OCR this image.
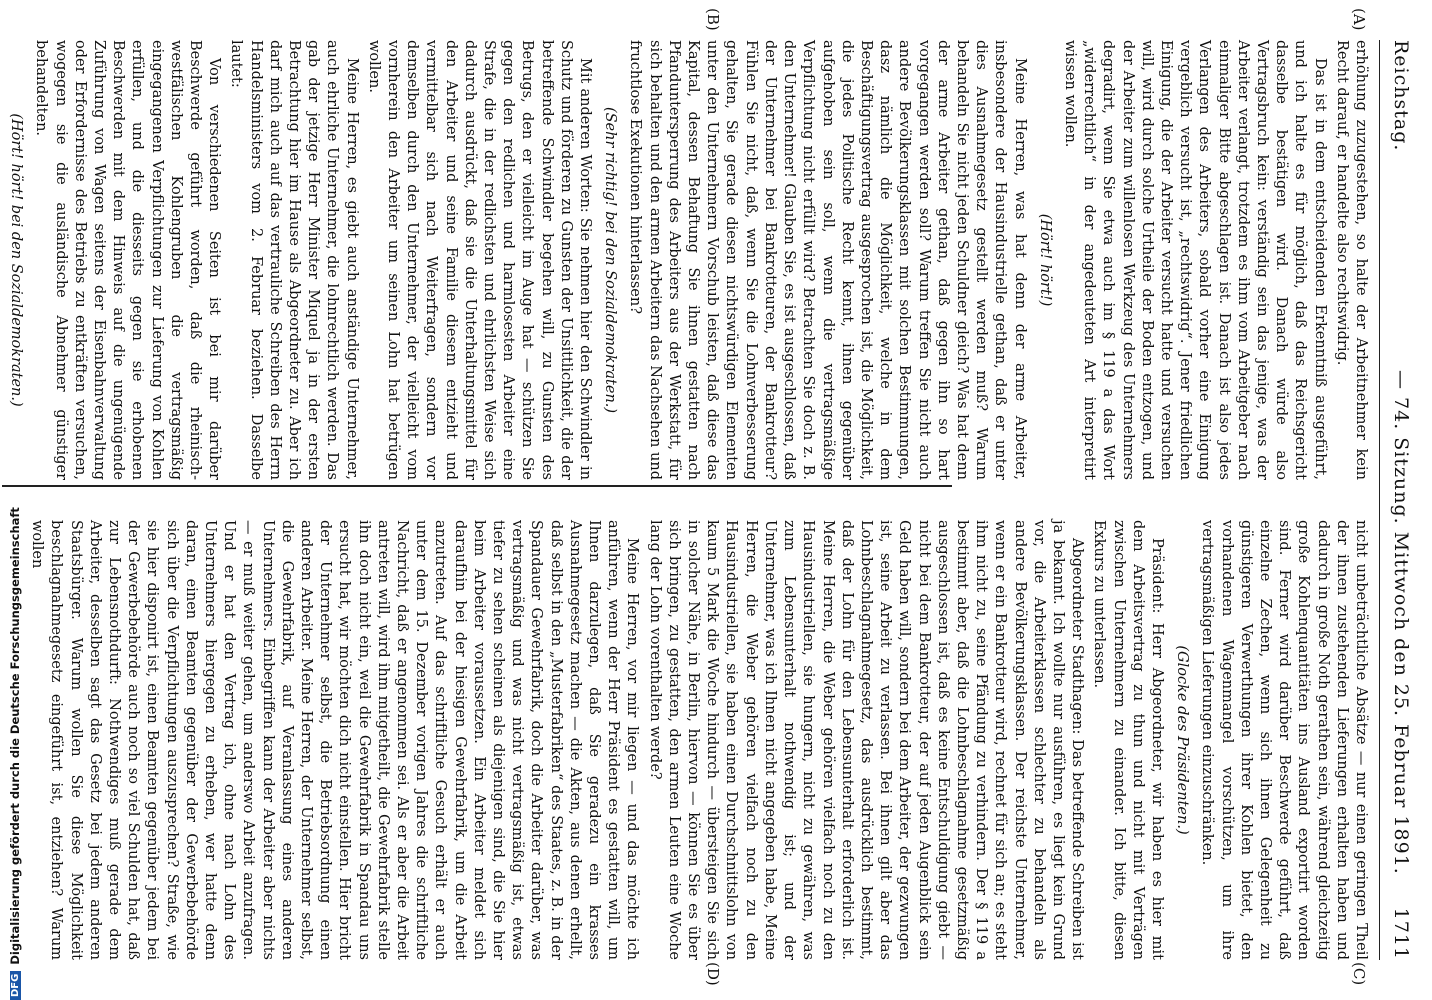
Reichstag.
— 74. Sitzung. Mittwoch den 25. Februar 1891.
1711
(A)
(B)
(C)
(D)

erhöhung zuzugestehen, so halte der Arbeitnehmer kein Recht darauf, er handelte also rechtswidrig.

Das ist in dem entscheidenden Erkenntniß ausgeführt, und ich halte es für möglich, daß das Reichsgericht dasselbe bestätigen wird. Danach würde also Vertragsbruch kein: verständig sein das jenige, was der Arbeiter verlangt, trotzdem es ihm vom Arbeitgeber nach einmaliger Bitte abgeschlagen ist. Danach ist also jedes Verlangen des Arbeiters, sobald vorher eine Einigung vergeblich versucht ist, „rechtswidrig“. Jener friedlichen Einigung, die der Arbeiter versucht hatte und versuchen will, wird durch solche Urtheile der Boden entzogen, und der Arbeiter zum willenlosen Werkzeug des Unternehmers degradirt, wenn Sie etwa auch im § 119 a das Wort „widerrechtlich“ in der angedeuteten Art interpretirt wissen wollen.

(Hört! hört!)

Meine Herren, was hat denn der arme Arbeiter, insbesondere der Hausindustrielle gethan, daß er unter dies Ausnahmegesetz gestellt werden muß? Warum behandeln Sie nicht jeden Schuldner gleich? Was hat denn der arme Arbeiter gethan, daß gegen ihn so hart vorgegangen werden soll? Warum treffen Sie nicht auch andere Bevölkerungsklassen mit solchen Bestimmungen, dasz nämlich die Möglichkeit, welche in dem Beschäftigungsvertrag ausgesprochen ist, die Möglichkeit, die jedes Politische Recht kennt, ihnen gegenüber aufgehoben sein soll, wenn die vertragsmäßige Verpflichtung nicht erfüllt wird? Betrachten Sie doch z. B. den Unternehmer! Glauben Sie, es ist ausgeschlossen, daß der Unternehmer bei Bankrotteuren, der Bankrotteur? Fühlen Sie nicht, daß, wenn Sie die Lohnverbesserung gehalten, Sie gerade diesen nichtswürdigen Elementen unter den Unternehmern Vorschub leisten, daß diese das Kapital, dessen Behaftung Sie ihnen gestatten nach Pfanduntersperrung des Arbeiters aus der Werkstatt, für sich behalten und den armen Arbeitern das Nachsehen und fruchtlose Exekutionen hinterlassen?

(Sehr richtig! bei den Sozialdemokraten.)

Mit anderen Worten: Sie nehmen hier den Schwindler in Schutz und förderen zu Gunsten der Unsittlichkeit, die der betreffende Schwindler begehen will, zu Gunsten des Betrugs, den er vielleicht im Auge hat — schützen Sie gegen den redlichen und harmlosesten Arbeiter eine Strafe, die in der redlichsten und ehrlichsten Weise sich dadurch ausdrückt, daß sie die Unterhaltungsmittel für den Arbeiter und seine Familie diesem entzieht und vermittelbar sich nach Weiterfragen, sondern vor demselben durch den Unternehmer, der vielleicht vom vornherein den Arbeiter um seinen Lohn hat betrügen wollen.

Meine Herren, es giebt auch anständige Unternehmer, auch ehrliche Unternehmer, die lohnrechtlich werden. Das gab der jetzige Herr Minister Miquel ja in der ersten Betrachtung hier im Hause als Abgeordneter zu. Aber ich darf mich auch auf das vertrauliche Schreiben des Herrn Handelsministers vom 2. Februar beziehen. Dasselbe lautet:

Von verschiedenen Seiten ist bei mir darüber Beschwerde geführt worden, daß die rheinisch-westfälischen Kohlengruben die vertragsmäßig eingegangenen Verpflichtungen zur Lieferung von Kohlen erfüllen, und die diesseits gegen sie erhobenen Beschwerden mit dem Hinweis auf die ungenügende Zuführung von Wagen seitens der Eisenbahnverwaltung oder Erfordernisse des Betriebs zu entkräften versuchen, wogegen sie die ausländische Abnehmer günstiger behandelten.

(Hört! hört! bei den Sozialdemokraten.)

nicht unbeträchtliche Absätze — nur einen geringen Theil der ihnen zustehenden Lieferungen erhalten haben und dadurch in große Noth gerathen sein, während gleichzeitig große Kohlenquantitäten ins Ausland exportirt worden sind. Ferner wird darüber Beschwerde geführt, daß einzelne Zechen, wenn sich ihnen Gelegenheit zu günstigeren Verwerthungen ihrer Kohlen bietet, den vorhandenen Wagenmangel vorschützen, um ihre vertragsmäßigen Lieferungen einzuschränken.

(Glocke des Präsidenten.)

Präsident: Herr Abgeordneter, wir haben es hier mit dem Arbeitsvertrag zu thun und nicht mit Verträgen zwischen Unternehmern zu einander. Ich bitte, diesen Exkurs zu unterlassen.

Abgeordneter Stadthagen: Das betreffende Schreiben ist ja bekannt. Ich wollte nur ausführen, es liegt kein Grund vor, die Arbeiterklassen schlechter zu behandeln als andere Bevölkerungsklassen. Der reichste Unternehmer, wenn er ein Bankrotteur wird, rechnet für sich an; es steht ihm nicht zu, seine Pfändung zu verhindern. Der § 119 a bestimmt aber, daß die Lohnbeschlagnahme gesetzmäßig ausgeschlossen ist, daß es keine Entschuldigung giebt — nicht bei dem Bankrotteur, der auf jeden Augenblick sein Geld haben will, sondern bei dem Arbeiter, der gezwungen ist, seine Arbeit zu verlassen. Bei ihnen gilt aber das Lohnbeschlagnahmegesetz, das ausdrücklich bestimmt, daß der Lohn für den Lebensunterhalt erforderlich ist. Meine Herren, die Weber gehören vielfach noch zu den Hausindustriellen, sie hungern, nicht zu gewähren, was zum Lebensunterhalt nothwendig ist; und der Unternehmer, was ich Ihnen nicht angegeben habe, Meine Herren, die Weber gehören vielfach noch zu den Hausindustriellen, sie haben einen Durchschnittslohn von kaum 5 Mark die Woche hindurch — übersteigen Sie sich in solcher Nähe, in Berlin, hiervon — können Sie es über sich bringen, zu gestatten, den armen Leuten eine Woche lang der Lohn vorenthalten werde?

Meine Herren, vor mir liegen — und das möchte ich anführen, wenn der Herr Präsident es gestatten will, um Ihnen darzulegen, daß Sie geradezu ein krasses Ausnahmegesetz machen — die Akten, aus denen erhellt, daß selbst in den „Musterfabriken“ des Staates, z. B. in der Spandauer Gewehrfabrik, doch die Arbeiter darüber, was vertragsmäßig und was nicht vertragsmäßig ist, etwas tiefer zu sehen scheinen als diejenigen sind, die Sie hier beim Arbeiter voraussetzen. Ein Arbeiter meldet sich daraufhin bei der hiesigen Gewehrfabrik, um die Arbeit anzutreten. Auf das schriftliche Gesuch erhält er auch unter dem 15. Dezember vorigen Jahres die schriftliche Nachricht, daß er angenommen sei. Als er aber die Arbeit antreten will, wird ihm mitgetheilt, die Gewehrfabrik stelle ihn doch nicht ein, weil die Gewehrfabrik in Spandau uns ersucht hat, wir möchten dich nicht einstellen. Hier bricht der Unternehmer selbst, die Betriebsordnung einen anderen Arbeiter. Meine Herren, der Unternehmer selbst, die Gewehrfabrik, auf Veranlassung eines anderen Unternehmers. Einbegriffen kann der Arbeiter aber nichts — er muß weiter gehen, um anderswo Arbeit anzufragen. Und er hat den Vertrag ich, ohne nach Lohn des Unternehmers hiergegen zu erheben, wer hatte denn daran, einen Beamten gegenüber der Gewerbebehörde sich über die Verpflichtungen auszusprechen? Straße, wie sie hier disponirt ist, einen Beamten gegenüber jedem bei der Gewerbebehörde auch noch so viel Schulden hat, daß zur Lebensnothdurft: Nothwendiges muß gerade dem Arbeiter, desselben sagt das Gesetz bei jedem anderen Staatsbürger. Warum wollen Sie diese Möglichkeit beschlagnahmegesetz eingeführt ist, entziehen? Warum wollen

DFGDigitalisierung gefördert durch die Deutsche Forschungsgemeinschaft
